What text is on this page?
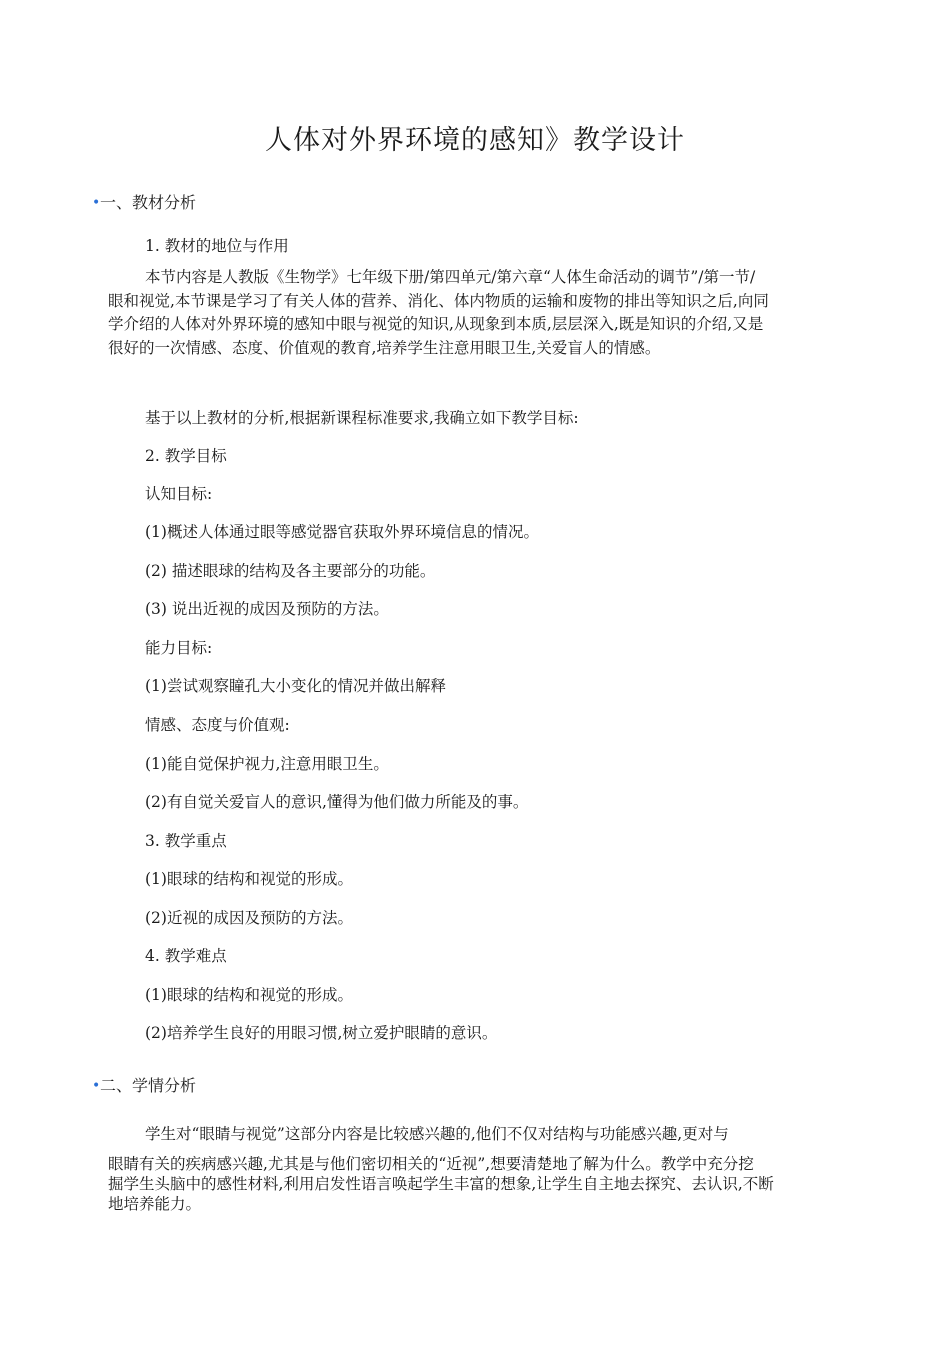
人体对外界环境的感知》教学设计
•一、教材分析
1. 教材的地位与作用
本节内容是人教版《生物学》七年级下册/第四单元/第六章“人体生命活动的调节”/第一节/
眼和视觉,本节课是学习了有关人体的营养、消化、体内物质的运输和废物的排出等知识之后,向同
学介绍的人体对外界环境的感知中眼与视觉的知识,从现象到本质,层层深入,既是知识的介绍,又是
很好的一次情感、态度、价值观的教育,培养学生注意用眼卫生,关爱盲人的情感。
基于以上教材的分析,根据新课程标准要求,我确立如下教学目标:
2. 教学目标
认知目标:
(1)概述人体通过眼等感觉器官获取外界环境信息的情况。
(2) 描述眼球的结构及各主要部分的功能。
(3) 说出近视的成因及预防的方法。
能力目标:
(1)尝试观察瞳孔大小变化的情况并做出解释
情感、态度与价值观:
(1)能自觉保护视力,注意用眼卫生。
(2)有自觉关爱盲人的意识,懂得为他们做力所能及的事。
3. 教学重点
(1)眼球的结构和视觉的形成。
(2)近视的成因及预防的方法。
4. 教学难点
(1)眼球的结构和视觉的形成。
(2)培养学生良好的用眼习惯,树立爱护眼睛的意识。
•二、学情分析
学生对“眼睛与视觉”这部分内容是比较感兴趣的,他们不仅对结构与功能感兴趣,更对与
眼睛有关的疾病感兴趣,尤其是与他们密切相关的“近视”,想要清楚地了解为什么。教学中充分挖
掘学生头脑中的感性材料,利用启发性语言唤起学生丰富的想象,让学生自主地去探究、去认识,不断
地培养能力。
